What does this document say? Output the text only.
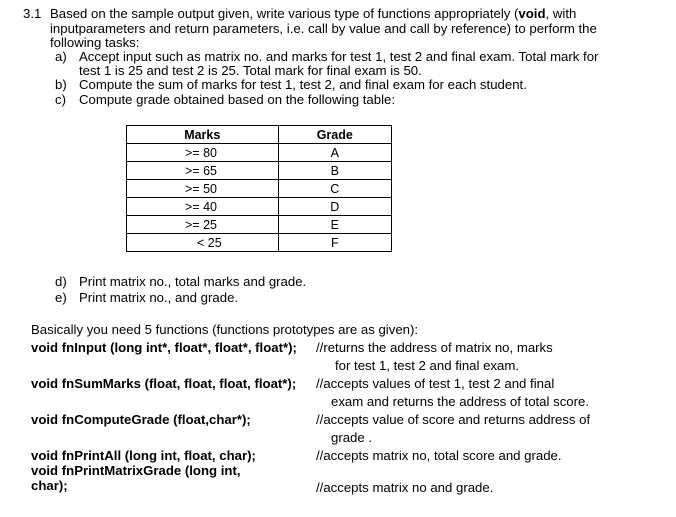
3.1 Based on the sample output given, write various type of functions appropriately (void, with
inputparameters and return parameters, i.e. call by value and call by reference) to perform the
following tasks:
a) Accept input such as matrix no. and marks for test 1, test 2 and final exam. Total mark for
test 1 is 25 and test 2 is 25. Total mark for final exam is 50.
b) Compute the sum of marks for test 1, test 2, and final exam for each student.
c) Compute grade obtained based on the following table:
Marks	Grade
>= 80	A
>= 65	B
>= 50	C
>= 40	D
>= 25	E
< 25	F
d) Print matrix no., total marks and grade.
e) Print matrix no., and grade.
Basically you need 5 functions (functions prototypes are as given):
void fnInput (long int*, float*, float*, float*); //returns the address of matrix no, marks
for test 1, test 2 and final exam.
void fnSumMarks (float, float, float, float*); //accepts values of test 1, test 2 and final
exam and returns the address of total score.
void fnComputeGrade (float,char*);	//accepts value of score and returns address of
grade .
void fnPrintAll (long int, float, char);	//accepts matrix no, total score and grade.
void fnPrintMatrixGrade (long int,
char);	//accepts matrix no and grade.
